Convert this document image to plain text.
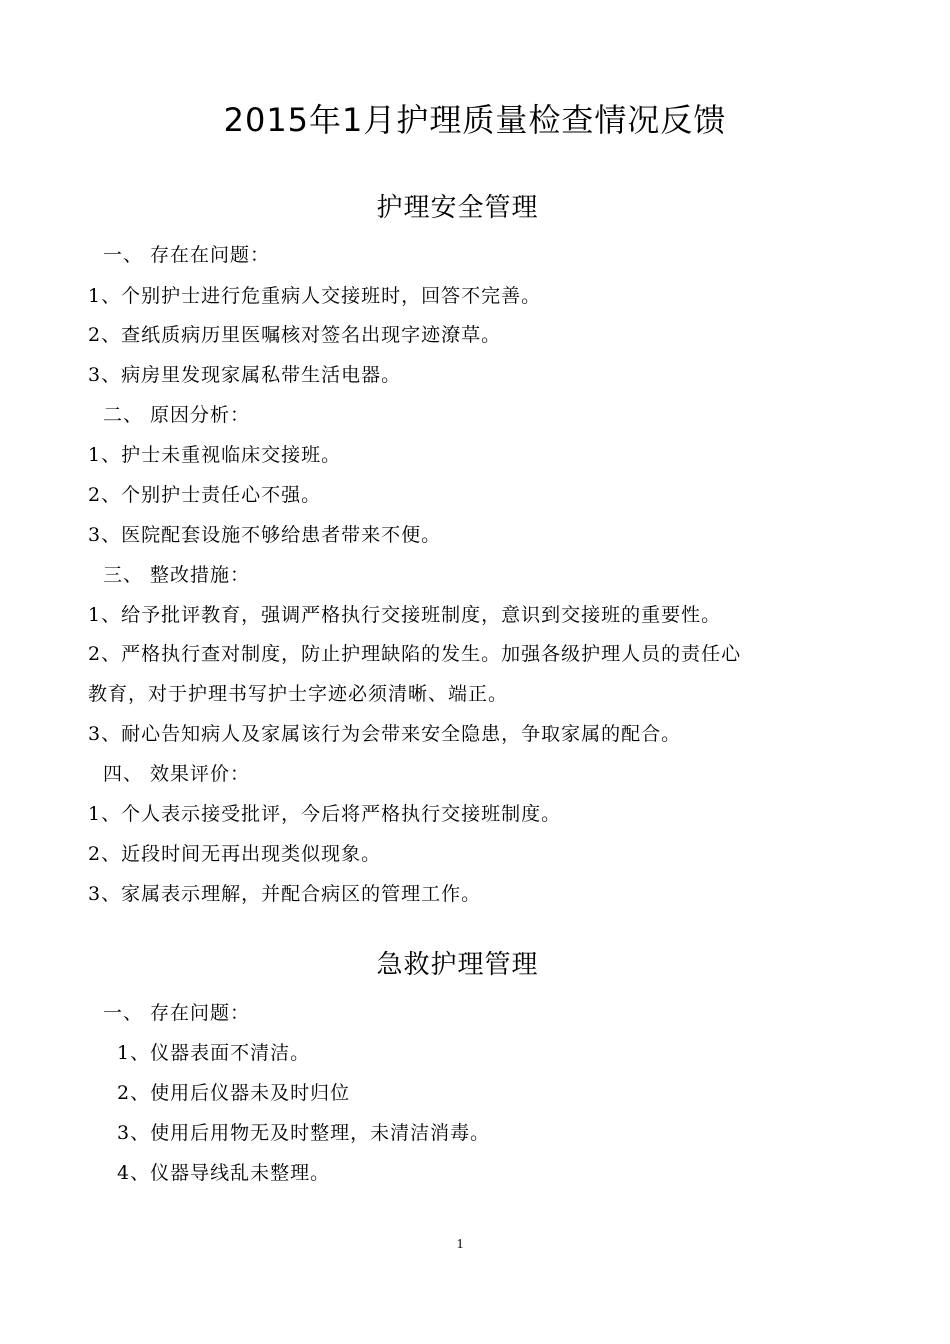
2015年1月护理质量检查情况反馈
护理安全管理
一、 存在在问题：
1、个别护士进行危重病人交接班时，回答不完善。
2、查纸质病历里医嘱核对签名出现字迹潦草。
3、病房里发现家属私带生活电器。
二、 原因分析：
1、护士未重视临床交接班。
2、个别护士责任心不强。
3、医院配套设施不够给患者带来不便。
三、 整改措施：
1、给予批评教育，强调严格执行交接班制度，意识到交接班的重要性。
2、严格执行查对制度，防止护理缺陷的发生。加强各级护理人员的责任心
教育，对于护理书写护士字迹必须清晰、端正。
3、耐心告知病人及家属该行为会带来安全隐患，争取家属的配合。
四、 效果评价：
1、个人表示接受批评，今后将严格执行交接班制度。
2、近段时间无再出现类似现象。
3、家属表示理解，并配合病区的管理工作。
急救护理管理
一、 存在问题：
1、仪器表面不清洁。
2、使用后仪器未及时归位
3、使用后用物无及时整理，未清洁消毒。
4、仪器导线乱未整理。
1
